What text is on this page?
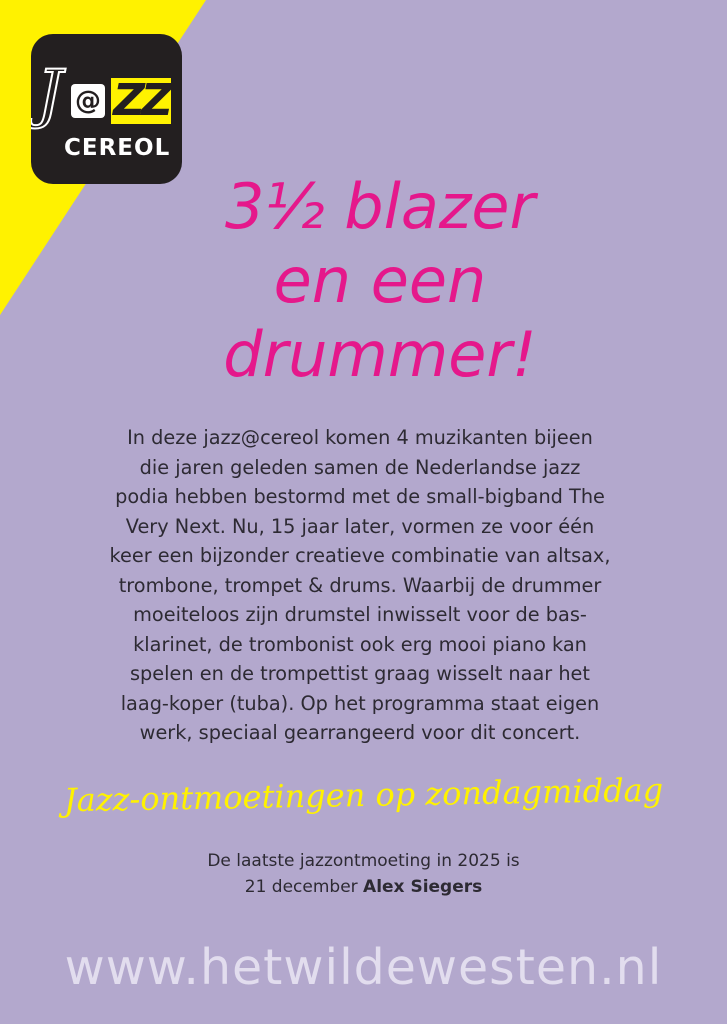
J @ ZZ
CEREOL
3½ blazer
en een
drummer!
In deze jazz@cereol komen 4 muzikanten bijeen
die jaren geleden samen de Nederlandse jazz
podia hebben bestormd met de small-bigband The
Very Next. Nu, 15 jaar later, vormen ze voor één
keer een bijzonder creatieve combinatie van altsax,
trombone, trompet & drums. Waarbij de drummer
moeiteloos zijn drumstel inwisselt voor de bas-
klarinet, de trombonist ook erg mooi piano kan
spelen en de trompettist graag wisselt naar het
laag-koper (tuba). Op het programma staat eigen
werk, speciaal gearrangeerd voor dit concert.
Jazz-ontmoetingen op zondagmiddag
De laatste jazzontmoeting in 2025 is
21 december Alex Siegers
www.hetwildewesten.nl
